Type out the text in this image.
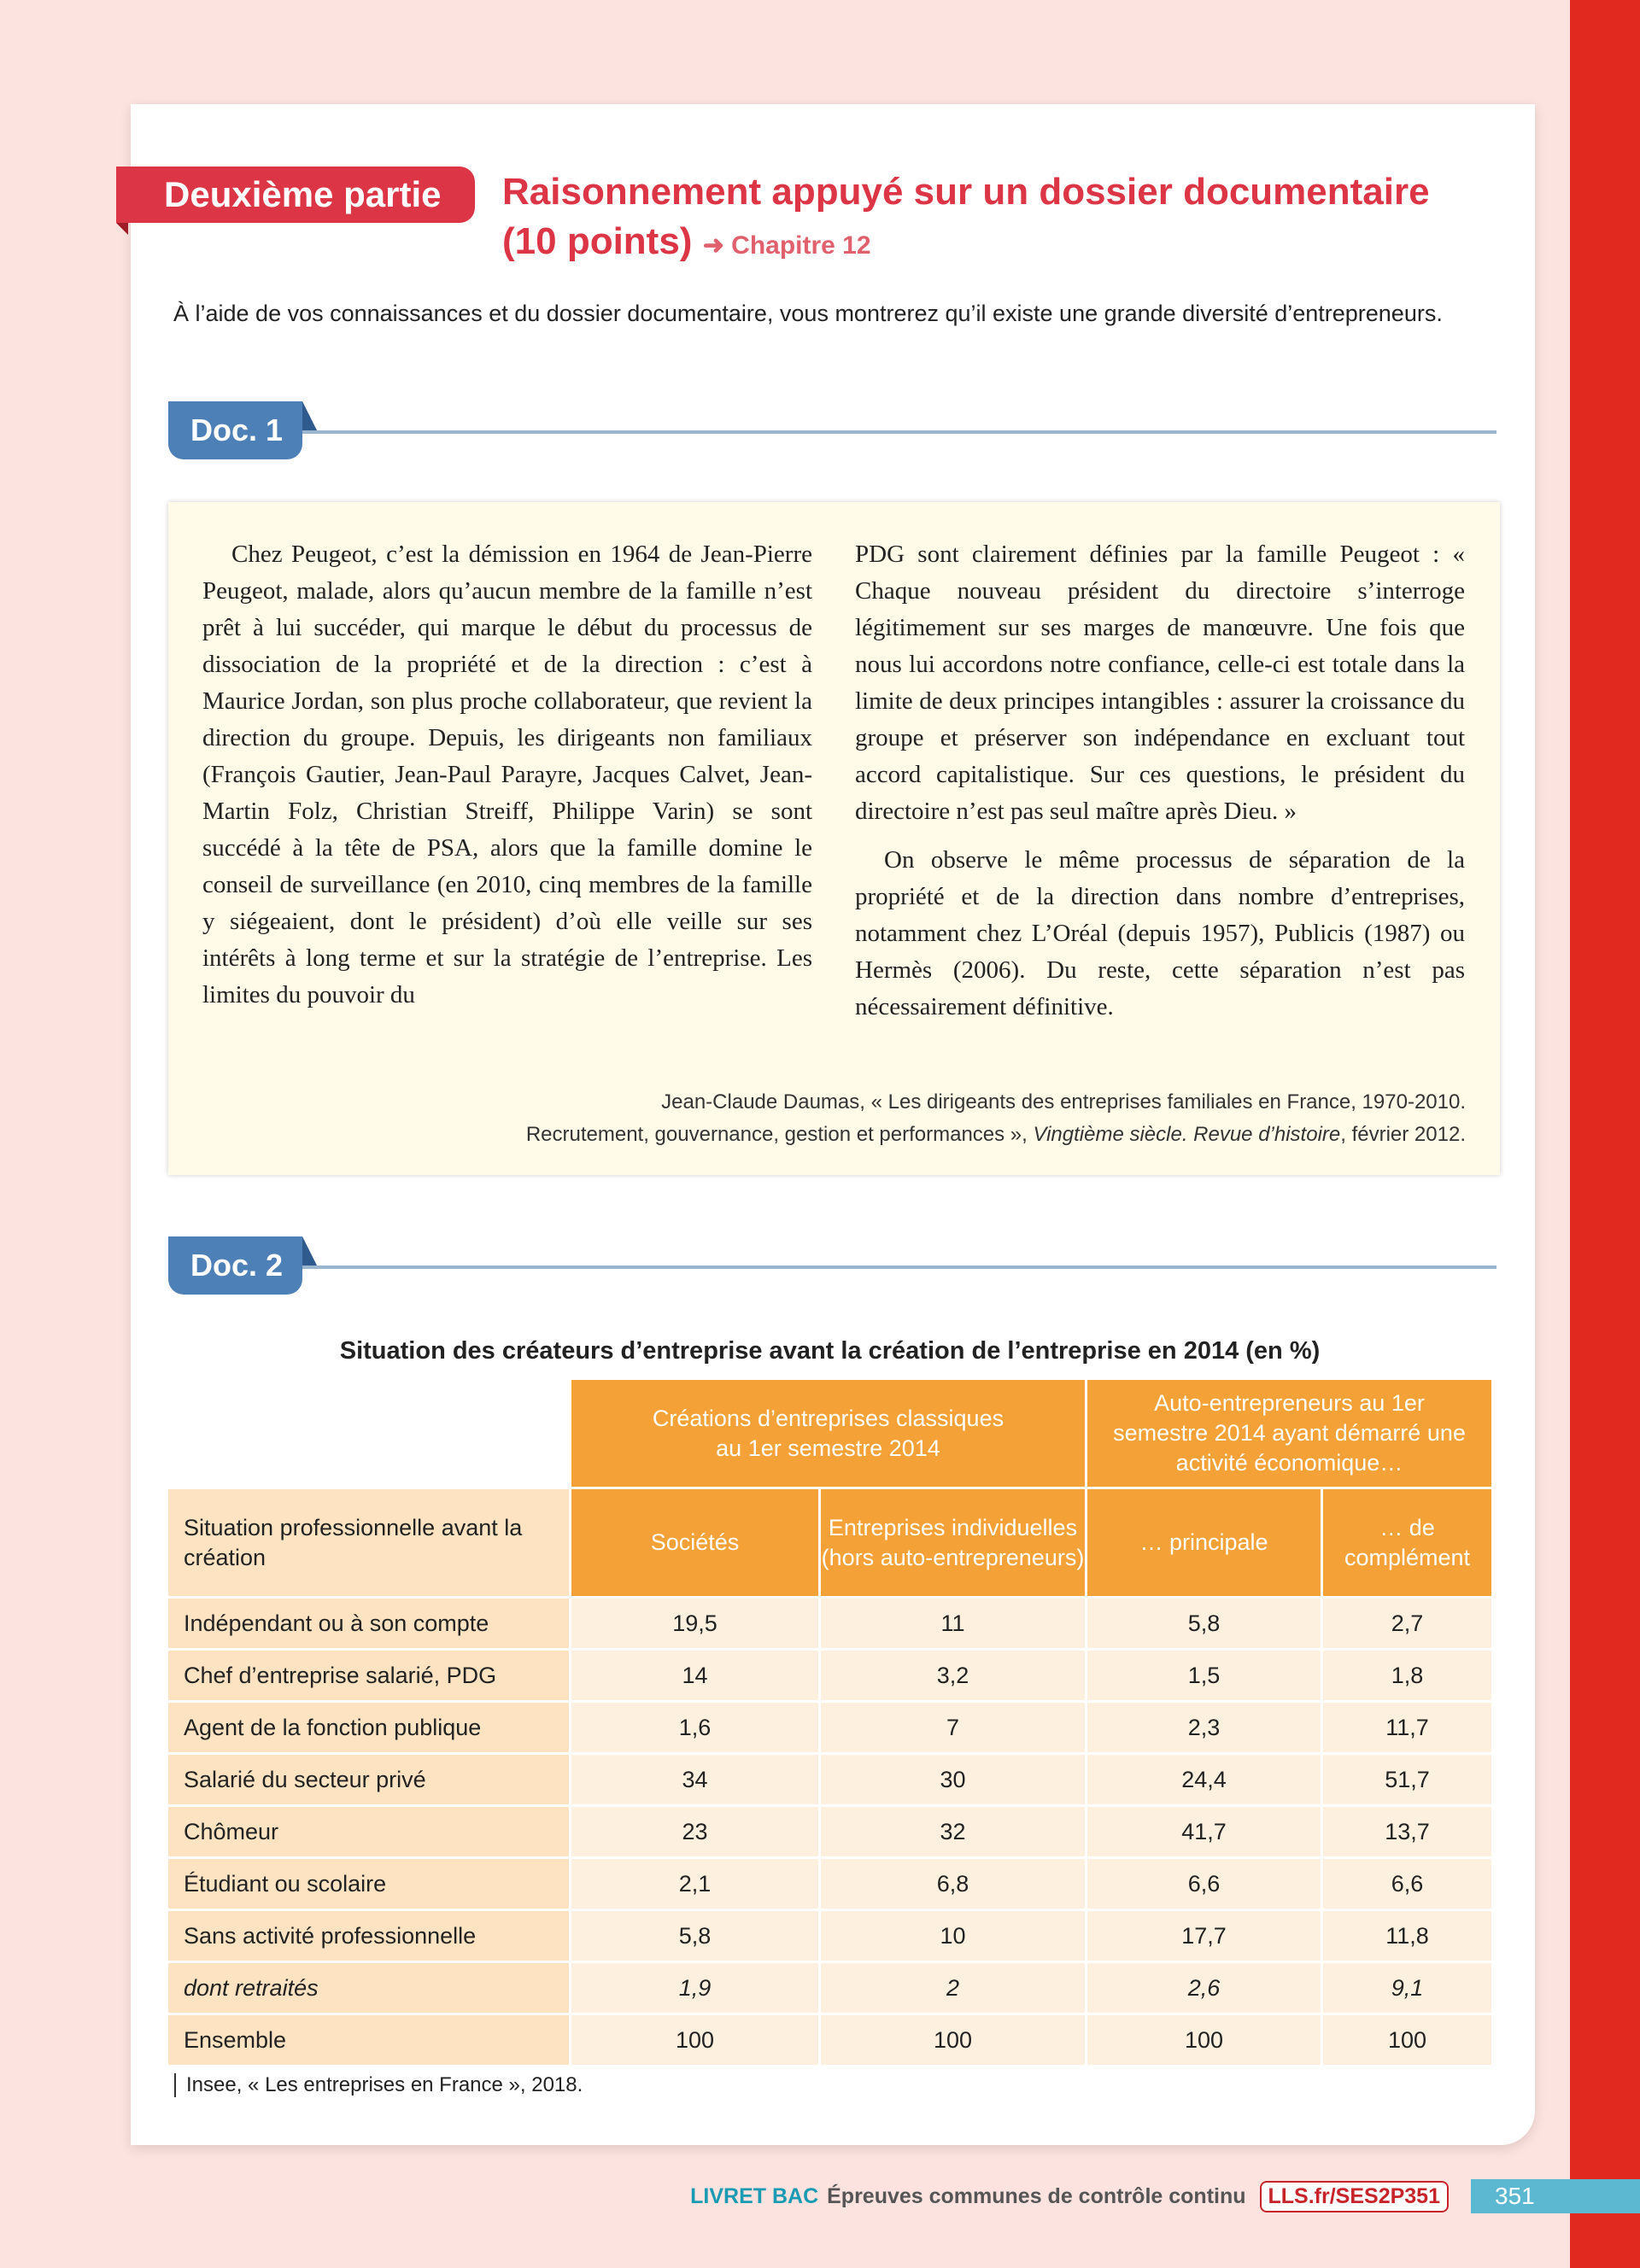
Deuxième partie	Raisonnement appuyé sur un dossier documentaire
(10 points) ➜ Chapitre 12
À l’aide de vos connaissances et du dossier documentaire, vous montrerez qu’il existe une grande diversité d’entrepreneurs.
Doc. 1

Chez Peugeot, c’est la démission en 1964 de Jean-Pierre Peugeot, malade, alors qu’aucun membre de la famille n’est prêt à lui succéder, qui marque le début du processus de dissociation de la propriété et de la direction : c’est à Maurice Jordan, son plus proche collaborateur, que revient la direction du groupe. Depuis, les dirigeants non familiaux (François Gautier, Jean-Paul Parayre, Jacques Calvet, Jean-Martin Folz, Christian Streiff, Philippe Varin) se sont succédé à la tête de PSA, alors que la famille domine le conseil de surveillance (en 2010, cinq membres de la famille y siégeaient, dont le président) d’où elle veille sur ses intérêts à long terme et sur la stratégie de l’entreprise. Les limites du pouvoir du

PDG sont clairement définies par la famille Peugeot : « Chaque nouveau président du directoire s’interroge légitimement sur ses marges de manœuvre. Une fois que nous lui accordons notre confiance, celle-ci est totale dans la limite de deux principes intangibles : assurer la croissance du groupe et préserver son indépendance en excluant tout accord capitalistique. Sur ces questions, le président du directoire n’est pas seul maître après Dieu. »

On observe le même processus de séparation de la propriété et de la direction dans nombre d’entreprises, notamment chez L’Oréal (depuis 1957), Publicis (1987) ou Hermès (2006). Du reste, cette séparation n’est pas nécessairement définitive.

Jean-Claude Daumas, « Les dirigeants des entreprises familiales en France, 1970-2010.
Recrutement, gouvernance, gestion et performances », Vingtième siècle. Revue d’histoire, février 2012.
Doc. 2
Situation des créateurs d’entreprise avant la création de l’entreprise en 2014 (en %)
	Créations d’entreprises classiques au 1er semestre 2014		Auto-entrepreneurs au 1er semestre 2014 ayant démarré une activité économique…	
Situation professionnelle avant la création	Sociétés	Entreprises individuelles (hors auto-entrepreneurs)	… principale	… de complément
Indépendant ou à son compte	19,5	11	5,8	2,7
Chef d’entreprise salarié, PDG	14	3,2	1,5	1,8
Agent de la fonction publique	1,6	7	2,3	11,7
Salarié du secteur privé	34	30	24,4	51,7
Chômeur	23	32	41,7	13,7
Étudiant ou scolaire	2,1	6,8	6,6	6,6
Sans activité professionnelle	5,8	10	17,7	11,8
dont retraités	1,9	2	2,6	9,1
Ensemble	100	100	100	100
Insee, « Les entreprises en France », 2018.
LIVRET BAC Épreuves communes de contrôle continu	LLS.fr/SES2P351	351
